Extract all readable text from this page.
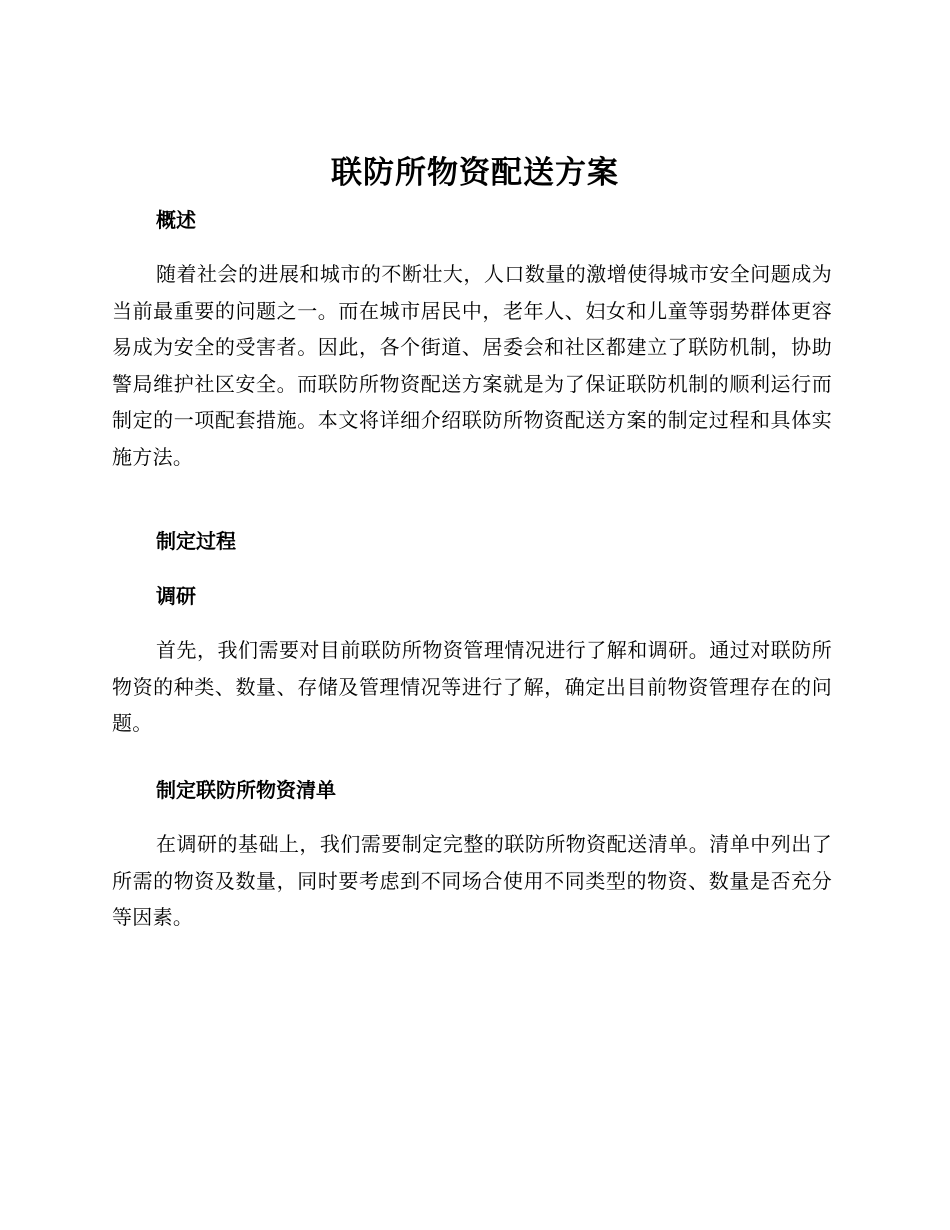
联防所物资配送方案
概述

随着社会的进展和城市的不断壮大，人口数量的激增使得城市安全问题成为当前最重要的问题之一。而在城市居民中，老年人、妇女和儿童等弱势群体更容易成为安全的受害者。因此，各个街道、居委会和社区都建立了联防机制，协助警局维护社区安全。而联防所物资配送方案就是为了保证联防机制的顺利运行而制定的一项配套措施。本文将详细介绍联防所物资配送方案的制定过程和具体实施方法。

制定过程
调研

首先，我们需要对目前联防所物资管理情况进行了解和调研。通过对联防所物资的种类、数量、存储及管理情况等进行了解，确定出目前物资管理存在的问题。

制定联防所物资清单

在调研的基础上，我们需要制定完整的联防所物资配送清单。清单中列出了所需的物资及数量，同时要考虑到不同场合使用不同类型的物资、数量是否充分等因素。
